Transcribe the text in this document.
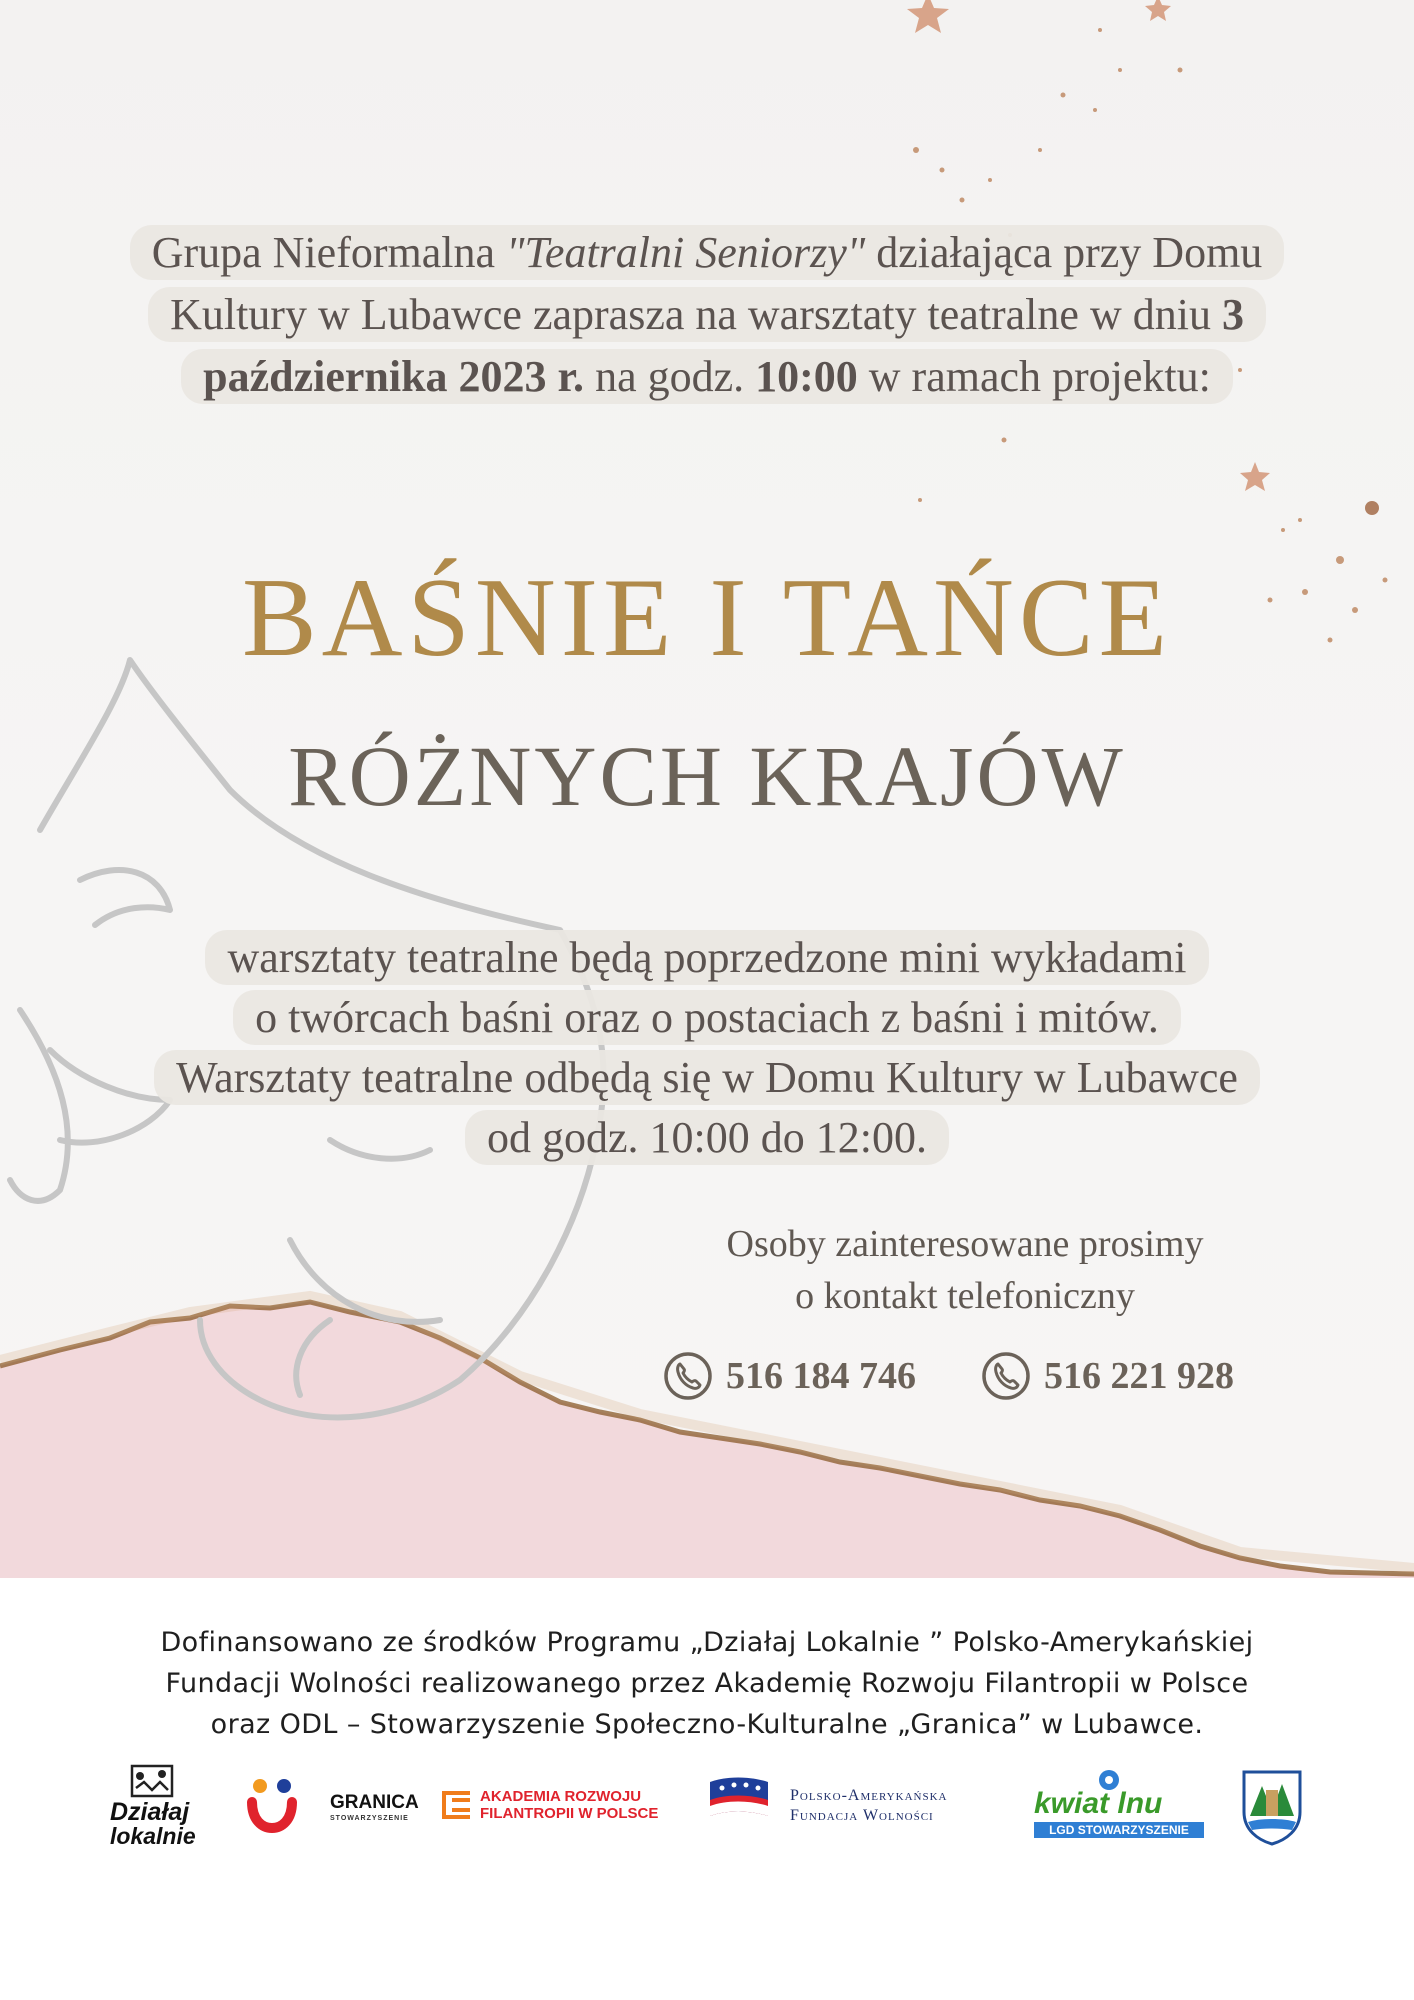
Grupa Nieformalna "Teatralni Seniorzy" działająca przy Domu Kultury w Lubawce zaprasza na warsztaty teatralne w dniu 3 października 2023 r. na godz. 10:00 w ramach projektu:
BAŚNIE I TAŃCE
RÓŻNYCH KRAJÓW
warsztaty teatralne będą poprzedzone mini wykładami
o twórcach baśni oraz o postaciach z baśni i mitów.
Warsztaty teatralne odbędą się w Domu Kultury w Lubawce
od godz. 10:00 do 12:00.
Osoby zainteresowane prosimy
o kontakt telefoniczny
516 184 746	516 221 928
Dofinansowano ze środków Programu „Działaj Lokalnie ” Polsko-Amerykańskiej
Fundacji Wolności realizowanego przez Akademię Rozwoju Filantropii w Polsce
oraz ODL – Stowarzyszenie Społeczno-Kulturalne „Granica” w Lubawce.
Działaj
lokalnie
GRANICA
STOWARZYSZENIE
AKADEMIA ROZWOJU
FILANTROPII W POLSCE
Polsko-Amerykańska
Fundacja Wolności	kwiat lnu
LGD STOWARZYSZENIE
